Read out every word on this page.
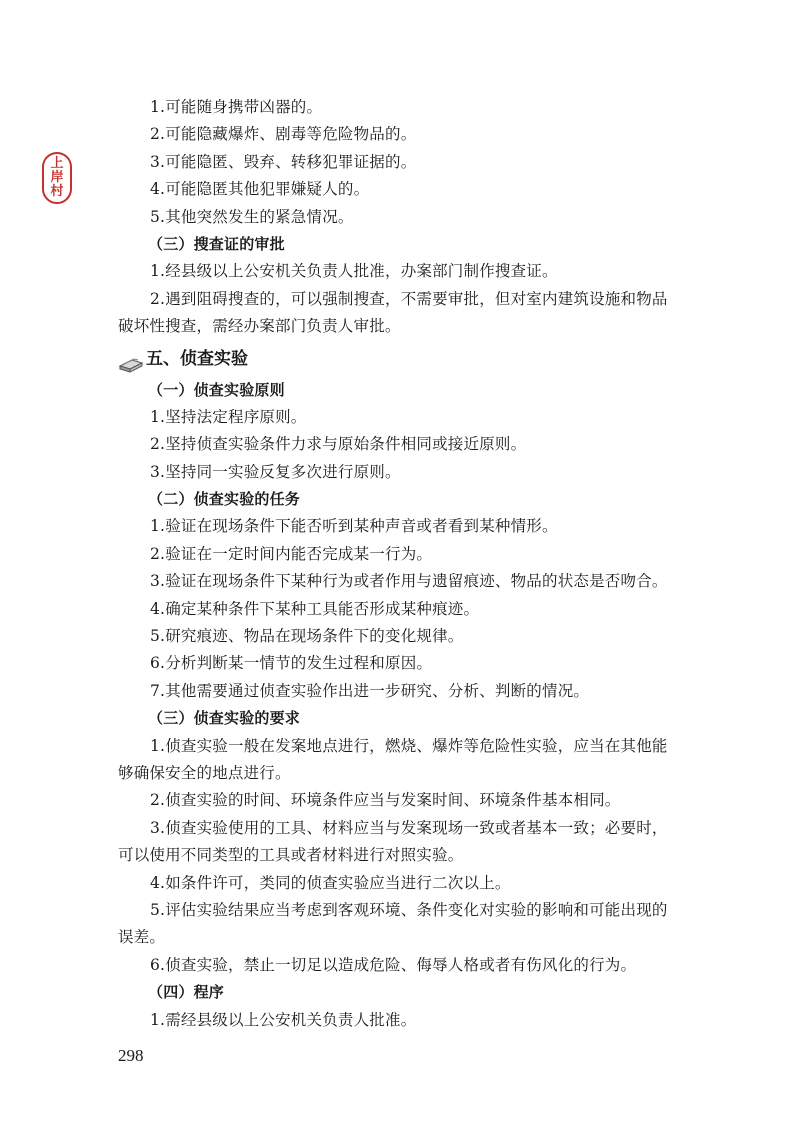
上
岸
村
1.可能随身携带凶器的。
2.可能隐藏爆炸、剧毒等危险物品的。
3.可能隐匿、毁弃、转移犯罪证据的。
4.可能隐匿其他犯罪嫌疑人的。
5.其他突然发生的紧急情况。
（三）搜查证的审批
1.经县级以上公安机关负责人批准，办案部门制作搜查证。
2.遇到阻碍搜查的，可以强制搜查，不需要审批，但对室内建筑设施和物品
破坏性搜查，需经办案部门负责人审批。
五、侦查实验
（一）侦查实验原则
1.坚持法定程序原则。
2.坚持侦查实验条件力求与原始条件相同或接近原则。
3.坚持同一实验反复多次进行原则。
（二）侦查实验的任务
1.验证在现场条件下能否听到某种声音或者看到某种情形。
2.验证在一定时间内能否完成某一行为。
3.验证在现场条件下某种行为或者作用与遗留痕迹、物品的状态是否吻合。
4.确定某种条件下某种工具能否形成某种痕迹。
5.研究痕迹、物品在现场条件下的变化规律。
6.分析判断某一情节的发生过程和原因。
7.其他需要通过侦查实验作出进一步研究、分析、判断的情况。
（三）侦查实验的要求
1.侦查实验一般在发案地点进行，燃烧、爆炸等危险性实验，应当在其他能
够确保安全的地点进行。
2.侦查实验的时间、环境条件应当与发案时间、环境条件基本相同。
3.侦查实验使用的工具、材料应当与发案现场一致或者基本一致；必要时，
可以使用不同类型的工具或者材料进行对照实验。
4.如条件许可，类同的侦查实验应当进行二次以上。
5.评估实验结果应当考虑到客观环境、条件变化对实验的影响和可能出现的
误差。
6.侦查实验，禁止一切足以造成危险、侮辱人格或者有伤风化的行为。
（四）程序
1.需经县级以上公安机关负责人批准。
298
